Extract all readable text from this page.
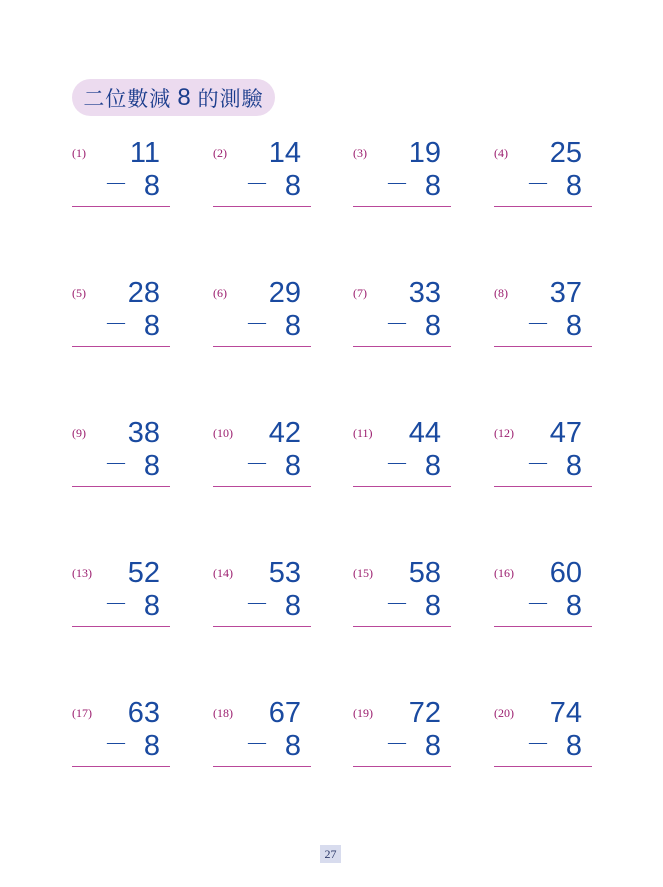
二位數減 8 的測驗
(1) 11
－ 8
(2) 14
－ 8
(3) 19
－ 8
(4) 25
－ 8
(5) 28
－ 8
(6) 29
－ 8
(7) 33
－ 8
(8) 37
－ 8
(9) 38
－ 8
(10) 42
－ 8
(11) 44
－ 8
(12) 47
－ 8
(13) 52
－ 8
(14) 53
－ 8
(15) 58
－ 8
(16) 60
－ 8
(17) 63
－ 8
(18) 67
－ 8
(19) 72
－ 8
(20) 74
－ 8
27
